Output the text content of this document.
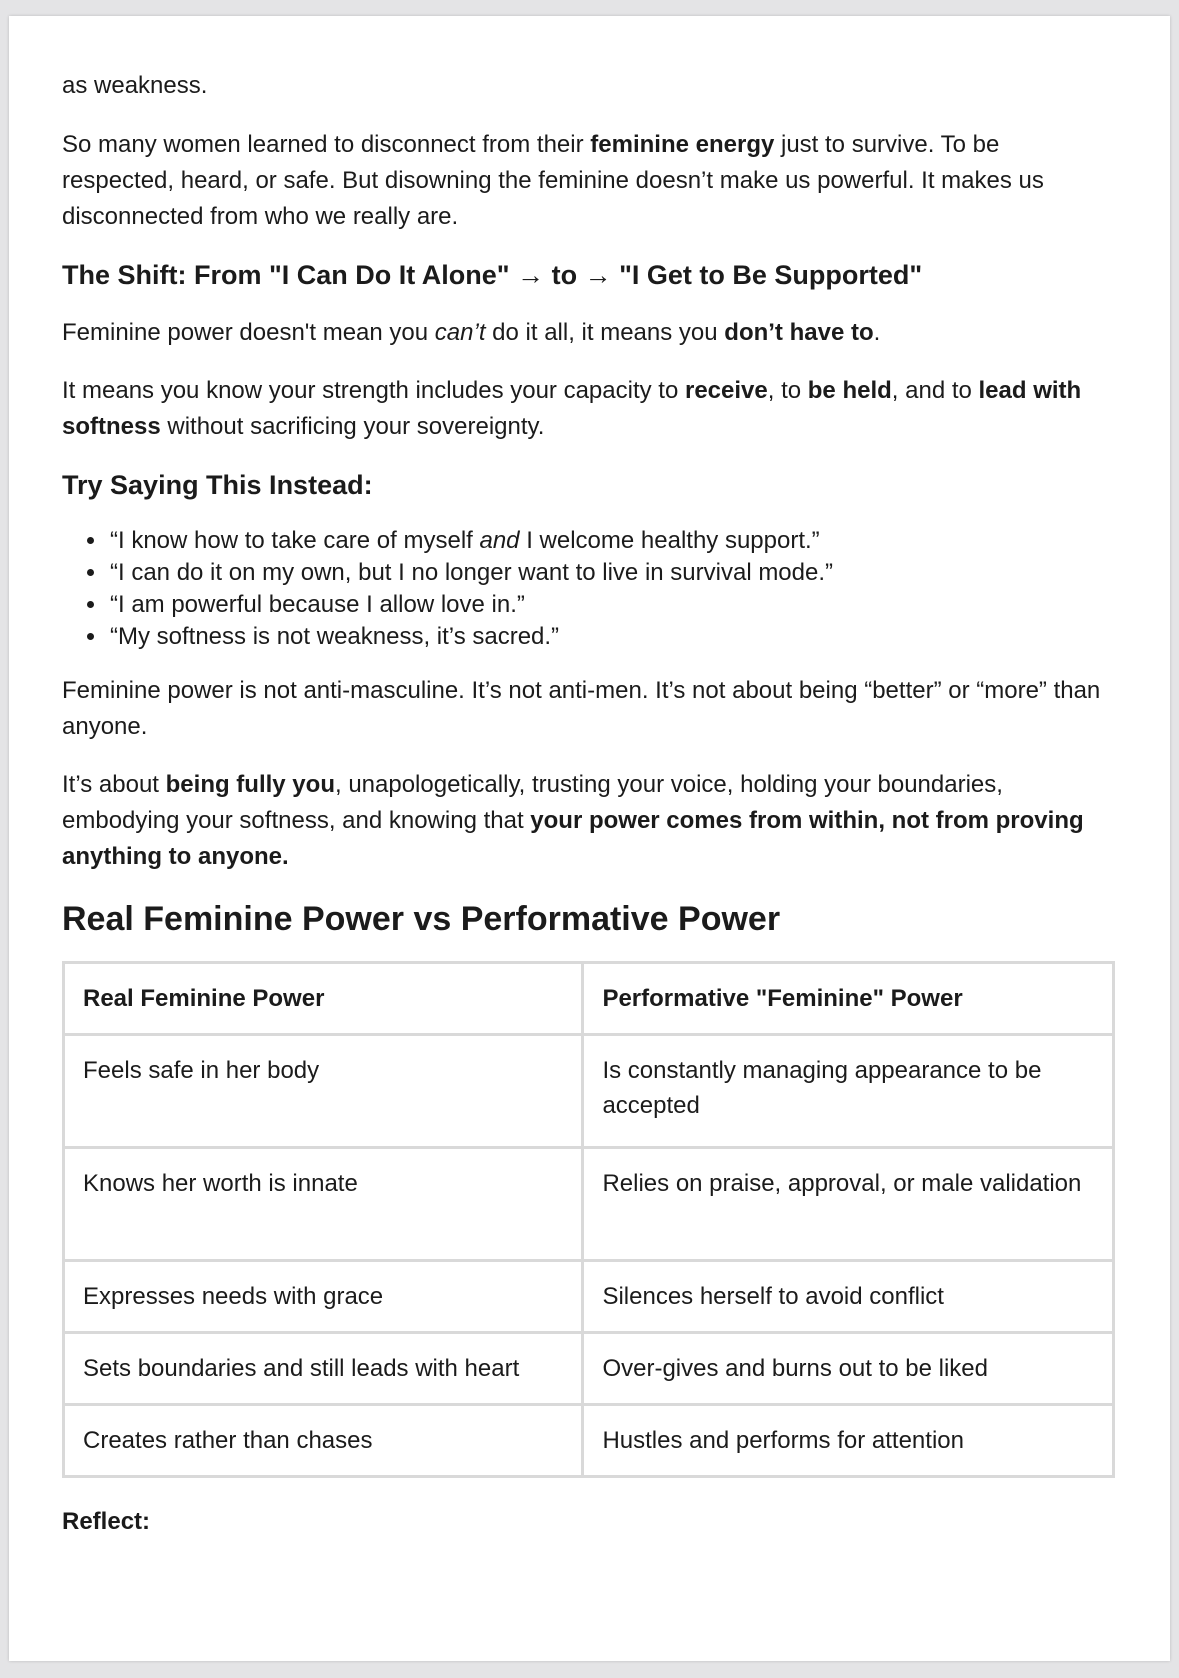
as weakness.

So many women learned to disconnect from their feminine energy just to survive. To be respected, heard, or safe. But disowning the feminine doesn’t make us powerful. It makes us disconnected from who we really are.

The Shift: From "I Can Do It Alone" → to → "I Get to Be Supported"

Feminine power doesn't mean you can’t do it all, it means you don’t have to.

It means you know your strength includes your capacity to receive, to be held, and to lead with softness without sacrificing your sovereignty.

Try Saying This Instead:
• “I know how to take care of myself and I welcome healthy support.”
• “I can do it on my own, but I no longer want to live in survival mode.”
• “I am powerful because I allow love in.”
• “My softness is not weakness, it’s sacred.”

Feminine power is not anti-masculine. It’s not anti-men. It’s not about being “better” or “more” than anyone.

It’s about being fully you, unapologetically, trusting your voice, holding your boundaries, embodying your softness, and knowing that your power comes from within, not from proving anything to anyone.

Real Feminine Power vs Performative Power
Real Feminine Power	Performative "Feminine" Power
Feels safe in her body	Is constantly managing appearance to be accepted
Knows her worth is innate	Relies on praise, approval, or male validation
Expresses needs with grace	Silences herself to avoid conflict
Sets boundaries and still leads with heart	Over-gives and burns out to be liked
Creates rather than chases	Hustles and performs for attention
Reflect:
